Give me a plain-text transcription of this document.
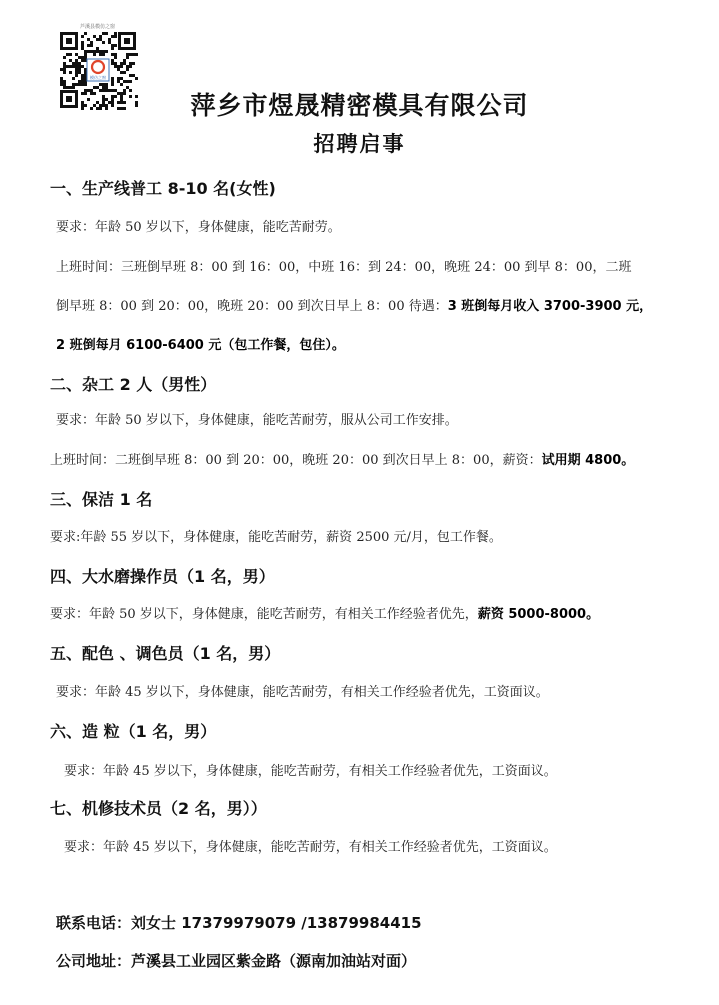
芦溪县模仿之窗
模仿之窗
萍乡市煜晟精密模具有限公司
招聘启事
一、生产线普工 8-10 名(女性)
要求：年龄 50 岁以下，身体健康，能吃苦耐劳。
上班时间：三班倒早班 8：00 到 16：00，中班 16：到 24：00，晚班 24：00 到早 8：00，二班
倒早班 8：00 到 20：00，晚班 20：00 到次日早上 8：00 待遇：3 班倒每月收入 3700-3900 元，
2 班倒每月 6100-6400 元（包工作餐，包住）。
二、杂工 2 人（男性）
要求：年龄 50 岁以下，身体健康，能吃苦耐劳，服从公司工作安排。
上班时间：二班倒早班 8：00 到 20：00，晚班 20：00 到次日早上 8：00，薪资：试用期 4800。
三、保洁 1 名
要求:年龄 55 岁以下，身体健康，能吃苦耐劳，薪资 2500 元/月，包工作餐。
四、大水磨操作员（1 名，男）
要求：年龄 50 岁以下，身体健康，能吃苦耐劳，有相关工作经验者优先，薪资 5000-8000。
五、配色 、调色员（1 名，男）
要求：年龄 45 岁以下，身体健康，能吃苦耐劳，有相关工作经验者优先，工资面议。
六、造 粒（1 名，男）
要求：年龄 45 岁以下，身体健康，能吃苦耐劳，有相关工作经验者优先，工资面议。
七、机修技术员（2 名，男））
要求：年龄 45 岁以下，身体健康，能吃苦耐劳，有相关工作经验者优先，工资面议。
联系电话：刘女士 17379979079 /13879984415
公司地址：芦溪县工业园区紫金路（源南加油站对面）
